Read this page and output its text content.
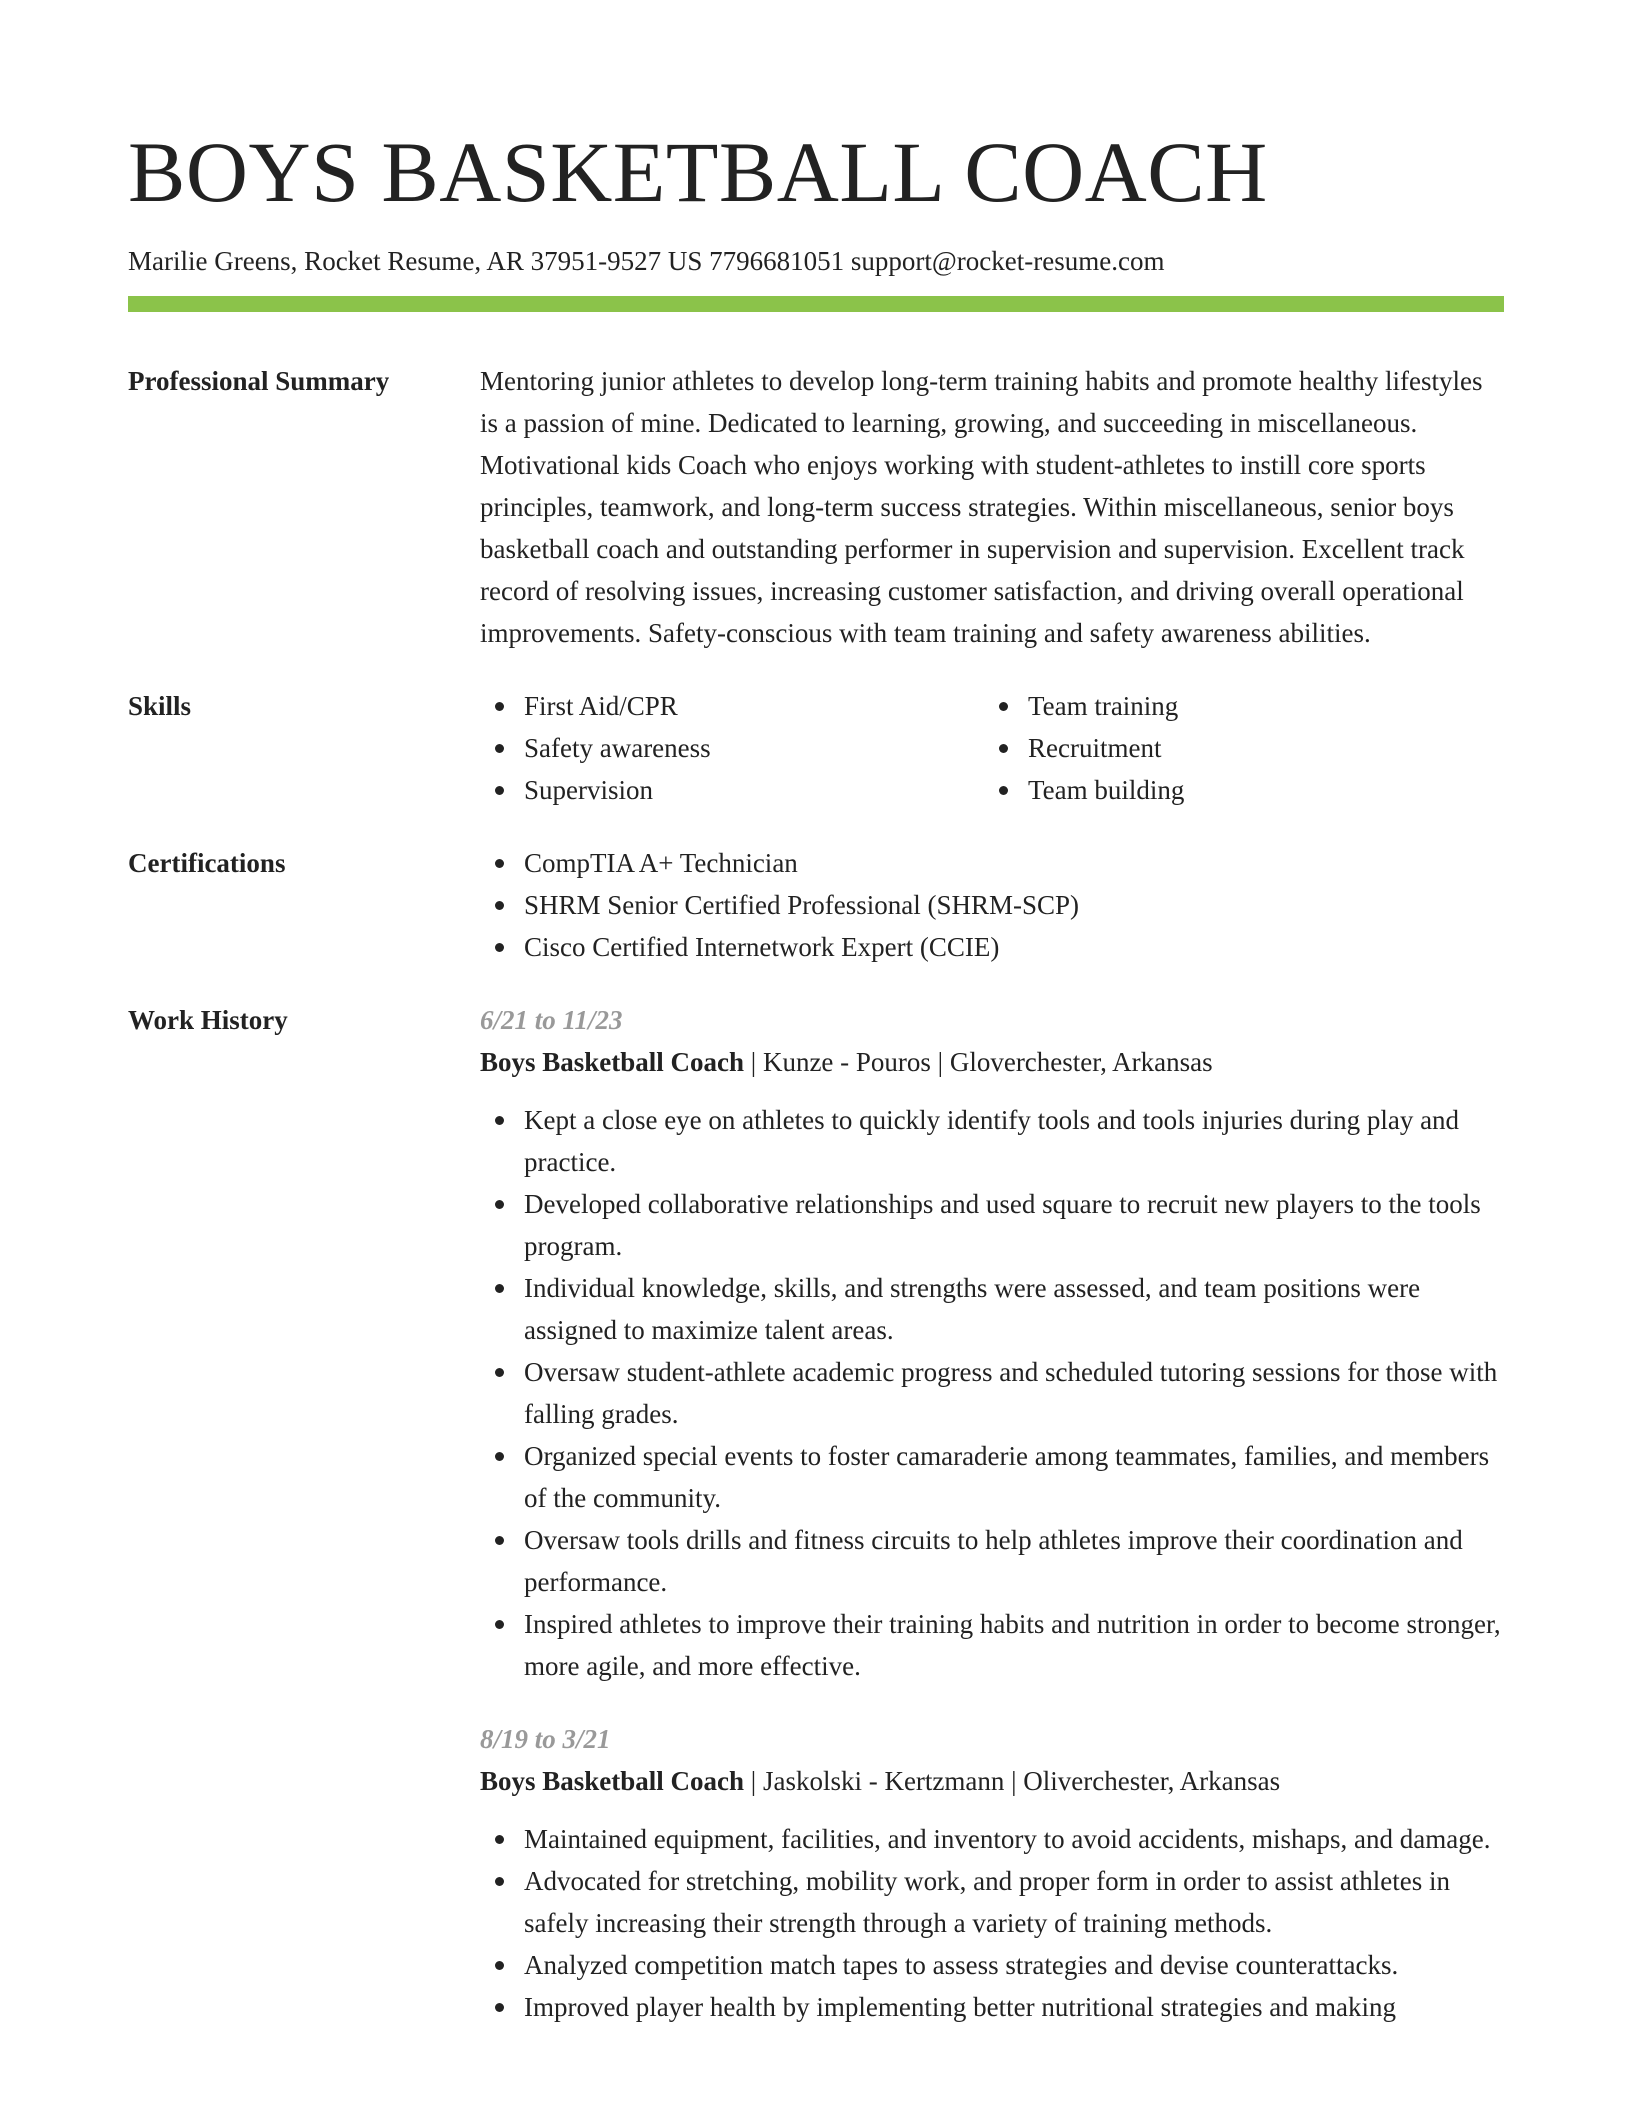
BOYS BASKETBALL COACH
Marilie Greens, Rocket Resume, AR 37951-9527 US 7796681051 support@rocket-resume.com
Professional Summary	Mentoring junior athletes to develop long-term training habits and promote healthy lifestyles is a passion of mine. Dedicated to learning, growing, and succeeding in miscellaneous. Motivational kids Coach who enjoys working with student-athletes to instill core sports principles, teamwork, and long-term success strategies. Within miscellaneous, senior boys basketball coach and outstanding performer in supervision and supervision. Excellent track record of resolving issues, increasing customer satisfaction, and driving overall operational improvements. Safety-conscious with team training and safety awareness abilities.

Skills	First Aid/CPR
Safety awareness
Supervision
Team training
Recruitment
Team building
Certifications	CompTIA A+ Technician
SHRM Senior Certified Professional (SHRM-SCP)
Cisco Certified Internetwork Expert (CCIE)
Work History	6/21 to 11/23
Boys Basketball Coach | Kunze - Pouros | Gloverchester, Arkansas
Kept a close eye on athletes to quickly identify tools and tools injuries during play and practice.
Developed collaborative relationships and used square to recruit new players to the tools program.
Individual knowledge, skills, and strengths were assessed, and team positions were assigned to maximize talent areas.
Oversaw student-athlete academic progress and scheduled tutoring sessions for those with falling grades.
Organized special events to foster camaraderie among teammates, families, and members of the community.
Oversaw tools drills and fitness circuits to help athletes improve their coordination and performance.
Inspired athletes to improve their training habits and nutrition in order to become stronger, more agile, and more effective.
8/19 to 3/21
Boys Basketball Coach | Jaskolski - Kertzmann | Oliverchester, Arkansas
Maintained equipment, facilities, and inventory to avoid accidents, mishaps, and damage.
Advocated for stretching, mobility work, and proper form in order to assist athletes in safely increasing their strength through a variety of training methods.
Analyzed competition match tapes to assess strategies and devise counterattacks.
Improved player health by implementing better nutritional strategies and making
